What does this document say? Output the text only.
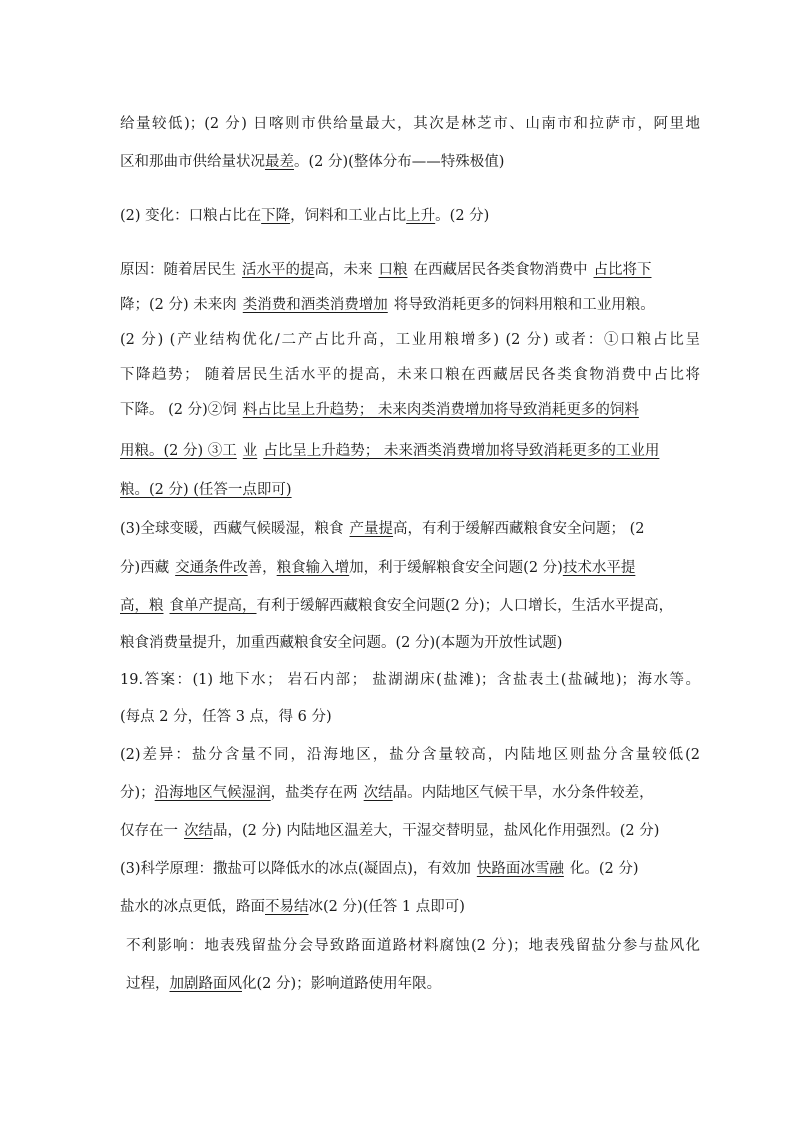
给量较低)；(2 分) 日喀则市供给量最大，其次是林芝市、山南市和拉萨市，阿里地
区和那曲市供给量状况最差。(2 分)(整体分布——特殊极值)
(2) 变化：口粮占比在下降，饲料和工业占比上升。(2 分)
原因：随着居民生 活水平的提高，未来 口粮 在西藏居民各类食物消费中 占比将下
降；(2 分) 未来肉 类消费和酒类消费增加 将导致消耗更多的饲料用粮和工业用粮。
(2 分) (产业结构优化/二产占比升高，工业用粮增多) (2 分) 或者：①口粮占比呈
下降趋势； 随着居民生活水平的提高，未来口粮在西藏居民各类食物消费中占比将
下降。 (2 分)②饲 料占比呈上升趋势； 未来肉类消费增加将导致消耗更多的饲料
用粮。(2 分) ③工 业 占比呈上升趋势； 未来酒类消费增加将导致消耗更多的工业用
粮。(2 分) (任答一点即可)
(3)全球变暖，西藏气候暖湿，粮食 产量提高，有利于缓解西藏粮食安全问题； (2
分)西藏 交通条件改善，粮食输入增加，利于缓解粮食安全问题(2 分)技术水平提
高，粮 食单产提高，有利于缓解西藏粮食安全问题(2 分)；人口增长，生活水平提高，
粮食消费量提升，加重西藏粮食安全问题。(2 分)(本题为开放性试题)
19.答案：(1) 地下水； 岩石内部； 盐湖湖床(盐滩)；含盐表土(盐碱地)；海水等。
(每点 2 分，任答 3 点，得 6 分)
(2)差异：盐分含量不同，沿海地区，盐分含量较高，内陆地区则盐分含量较低(2
分)；沿海地区气候湿润，盐类存在两 次结晶。内陆地区气候干旱，水分条件较差，
仅存在一 次结晶，(2 分) 内陆地区温差大，干湿交替明显，盐风化作用强烈。(2 分)
(3)科学原理：撒盐可以降低水的冰点(凝固点)，有效加 快路面冰雪融 化。(2 分)
盐水的冰点更低，路面不易结冰(2 分)(任答 1 点即可)
不利影响：地表残留盐分会导致路面道路材料腐蚀(2 分)；地表残留盐分参与盐风化
过程，加剧路面风化(2 分)；影响道路使用年限。
